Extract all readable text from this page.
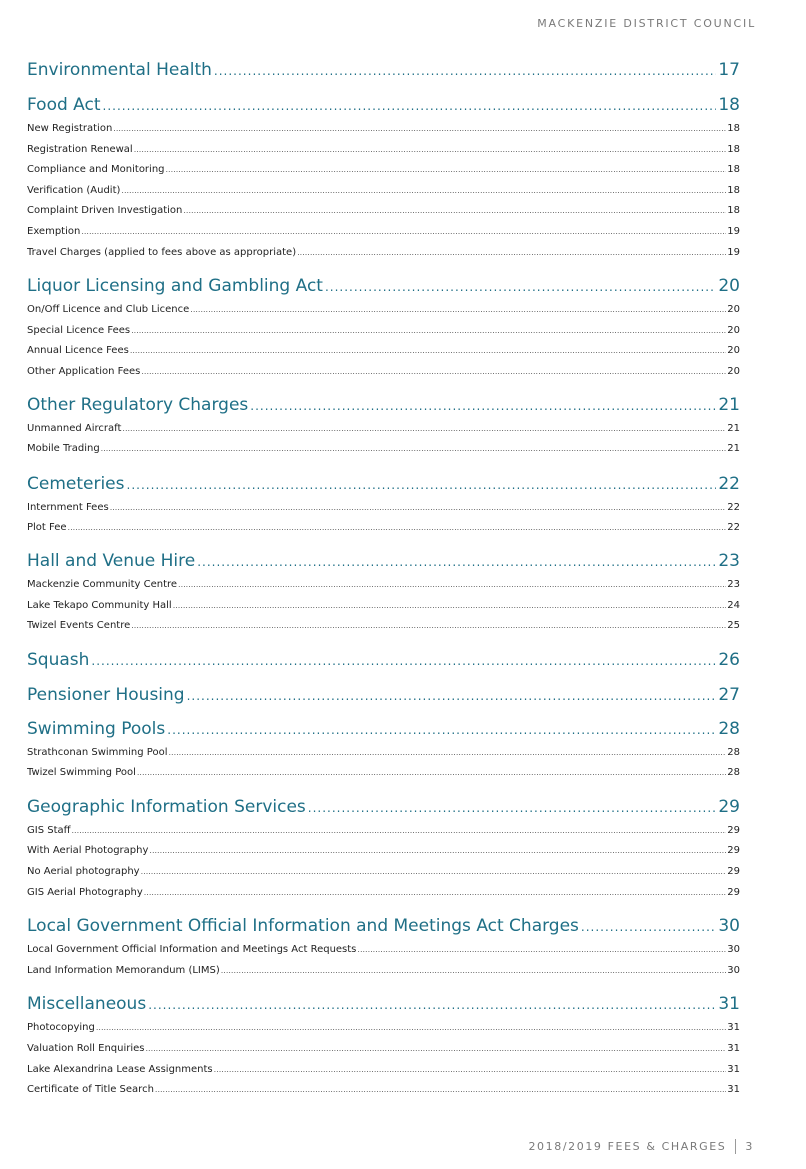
MACKENZIE DISTRICT COUNCIL
Environmental Health .....	17
Food Act .....	18
New Registration .....	18
Registration Renewal .....	18
Compliance and Monitoring .....	18
Verification (Audit) .....	18
Complaint Driven Investigation .....	18
Exemption .....	19
Travel Charges (applied to fees above as appropriate) .....	19
Liquor Licensing and Gambling Act .....	20
On/Off Licence and Club Licence .....	20
Special Licence Fees .....	20
Annual Licence Fees .....	20
Other Application Fees .....	20
Other Regulatory Charges .....	21
Unmanned Aircraft .....	21
Mobile Trading .....	21
Cemeteries .....	22
Internment Fees .....	22
Plot Fee .....	22
Hall and Venue Hire .....	23
Mackenzie Community Centre .....	23
Lake Tekapo Community Hall .....	24
Twizel Events Centre .....	25
Squash .....	26
Pensioner Housing .....	27
Swimming Pools .....	28
Strathconan Swimming Pool .....	28
Twizel Swimming Pool .....	28
Geographic Information Services .....	29
GIS Staff .....	29
With Aerial Photography .....	29
No Aerial photography .....	29
GIS Aerial Photography .....	29
Local Government Official Information and Meetings Act Charges .....	30
Local Government Official Information and Meetings Act Requests .....	30
Land Information Memorandum (LIMS) .....	30
Miscellaneous .....	31
Photocopying .....	31
Valuation Roll Enquiries .....	31
Lake Alexandrina Lease Assignments .....	31
Certificate of Title Search .....	31
2018/2019 FEES & CHARGES 3
